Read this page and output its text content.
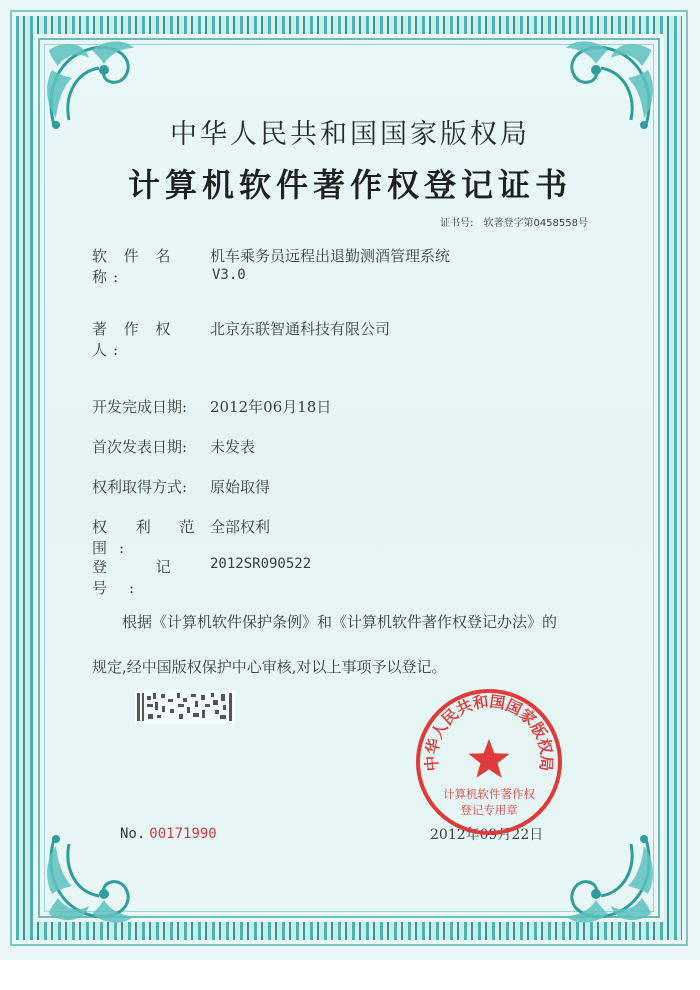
中华人民共和国国家版权局
计算机软件著作权登记证书
证书号: 软著登字第0458558号
软 件 名 称:机车乘务员远程出退勤测酒管理系统
V3.0
著 作 权 人:北京东联智通科技有限公司
开发完成日期: 2012年06月18日
首次发表日期: 未发表
权利取得方式: 原始取得
权 利 范 围:全部权利
登 记 号:2012SR090522
根据《计算机软件保护条例》和《计算机软件著作权登记办法》的
规定,经中国版权保护中心审核,对以上事项予以登记。
No. 00171990	2012年09月22日
中华人民共和国国家版权局
计算机软件著作权
登记专用章
